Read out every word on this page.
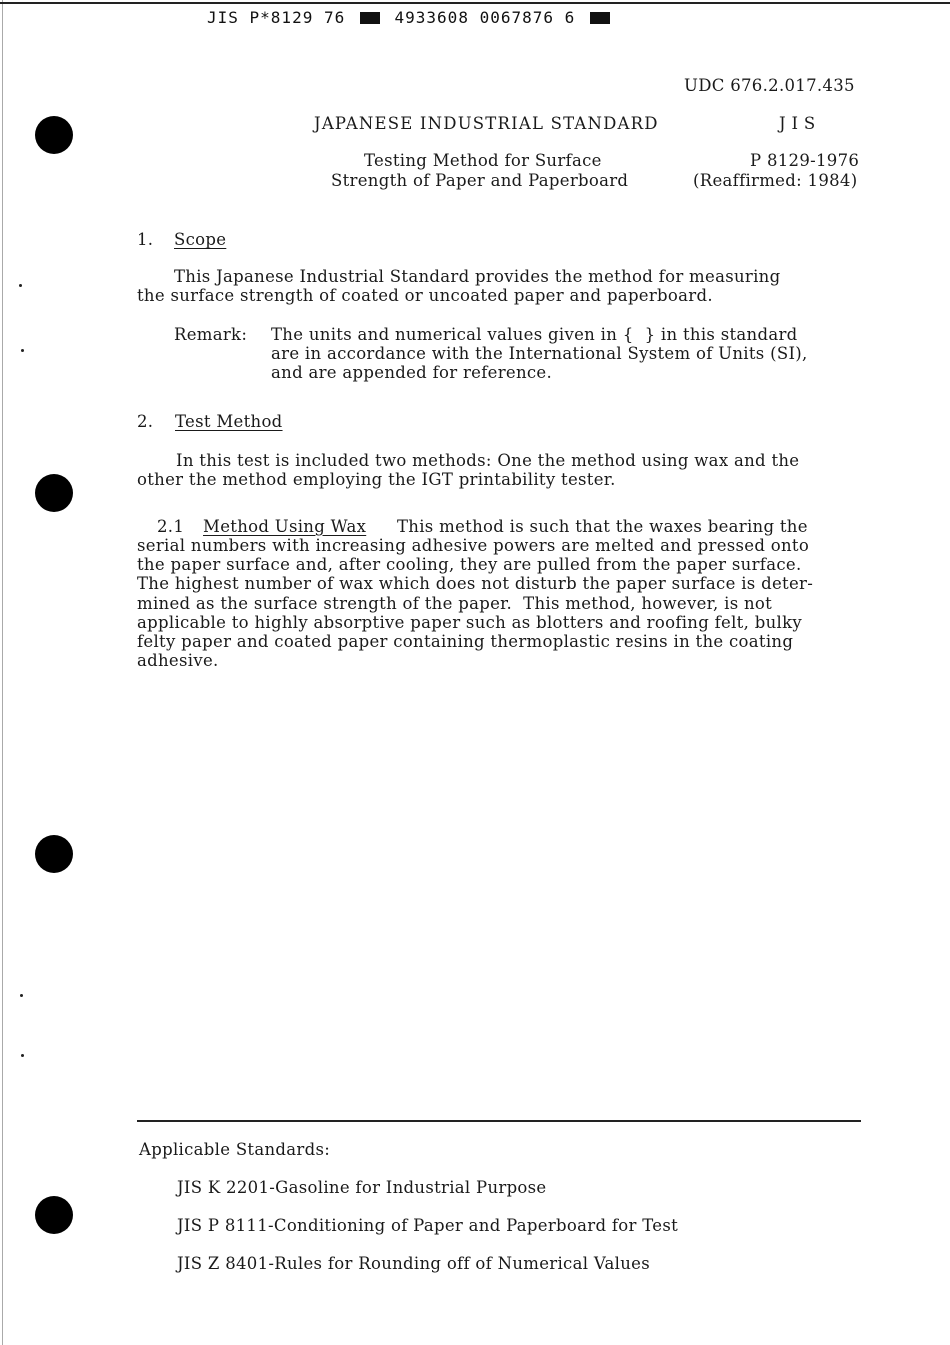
JIS P*8129 76	4933608 0067876 6
UDC 676.2.017.435
JAPANESE INDUSTRIAL STANDARD	J I S
Testing Method for Surface
Strength of Paper and Paperboard
P 8129-1976
(Reaffirmed: 1984)
1. Scope
This Japanese Industrial Standard provides the method for measuring
the surface strength of coated or uncoated paper and paperboard.
Remark: The units and numerical values given in {  } in this standard
are in accordance with the International System of Units (SI),
and are appended for reference.
2. Test Method
In this test is included two methods: One the method using wax and the
other the method employing the IGT printability tester.
2.1 Method Using Wax This method is such that the waxes bearing the
serial numbers with increasing adhesive powers are melted and pressed onto
the paper surface and, after cooling, they are pulled from the paper surface.
The highest number of wax which does not disturb the paper surface is deter-
mined as the surface strength of the paper.  This method, however, is not
applicable to highly absorptive paper such as blotters and roofing felt, bulky
felty paper and coated paper containing thermoplastic resins in the coating
adhesive.
Applicable Standards:
JIS K 2201-Gasoline for Industrial Purpose
JIS P 8111-Conditioning of Paper and Paperboard for Test
JIS Z 8401-Rules for Rounding off of Numerical Values
